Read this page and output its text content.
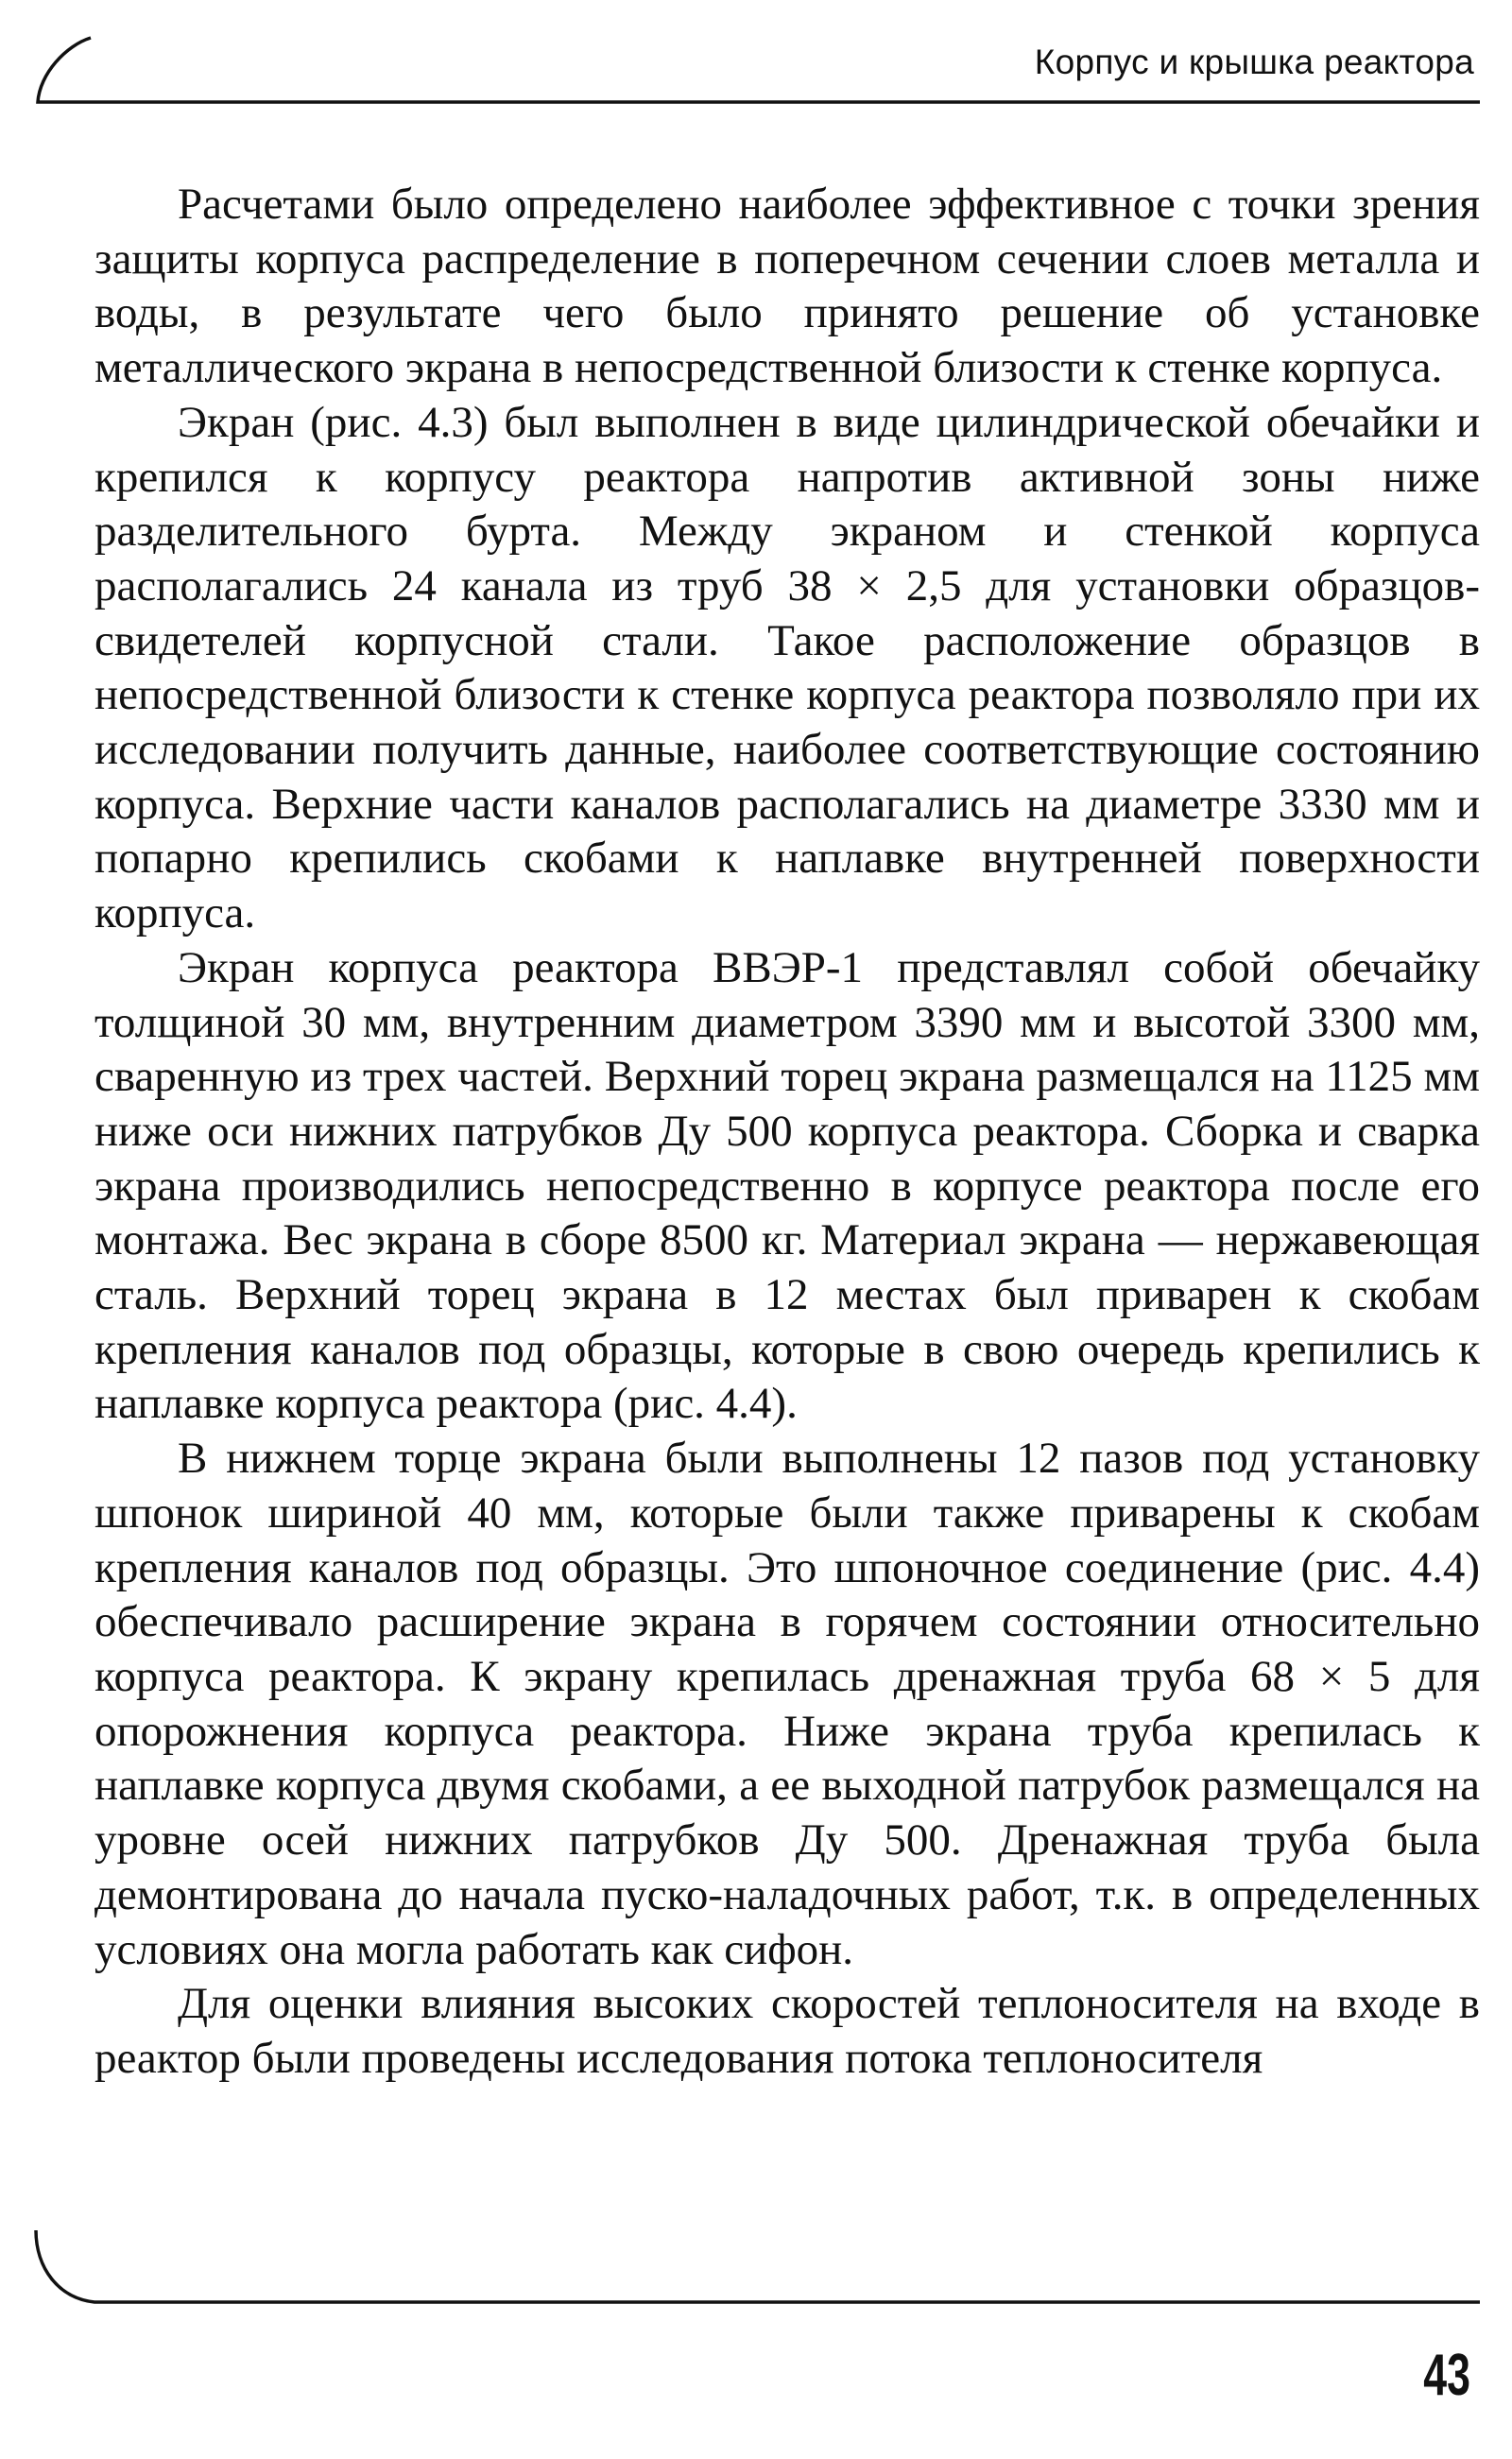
Корпус и крышка реактора

Расчетами было определено наиболее эффективное с точки зрения защиты корпуса распределение в поперечном сечении слоев металла и воды, в результате чего было принято решение об установке металлического экрана в непосредственной близости к стенке корпуса.

Экран (рис. 4.3) был выполнен в виде цилиндрической обечайки и крепился к корпусу реактора напротив активной зоны ниже разделительного бурта. Между экраном и стенкой корпуса располагались 24 канала из труб 38 × 2,5 для установки образцов-свидетелей корпусной стали. Такое расположение образцов в непосредственной близости к стенке корпуса реактора позволяло при их исследовании получить данные, наиболее соответствующие состоянию корпуса. Верхние части каналов располагались на диаметре 3330 мм и попарно крепились скобами к наплавке внутренней поверхности корпуса.

Экран корпуса реактора ВВЭР-1 представлял собой обечайку толщиной 30 мм, внутренним диаметром 3390 мм и высотой 3300 мм, сваренную из трех частей. Верхний торец экрана размещался на 1125 мм ниже оси нижних патрубков Ду 500 корпуса реактора. Сборка и сварка экрана производились непосредственно в корпусе реактора после его монтажа. Вес экрана в сборе 8500 кг. Материал экрана — нержавеющая сталь. Верхний торец экрана в 12 местах был приварен к скобам крепления каналов под образцы, которые в свою очередь крепились к наплавке корпуса реактора (рис. 4.4).

В нижнем торце экрана были выполнены 12 пазов под установку шпонок шириной 40 мм, которые были также приварены к скобам крепления каналов под образцы. Это шпоночное соединение (рис. 4.4) обеспечивало расширение экрана в горячем состоянии относительно корпуса реактора. К экрану крепилась дренажная труба 68 × 5 для опорожнения корпуса реактора. Ниже экрана труба крепилась к наплавке корпуса двумя скобами, а ее выходной патрубок размещался на уровне осей нижних патрубков Ду 500. Дренажная труба была демонтирована до начала пуско-наладочных работ, т.к. в определенных условиях она могла работать как сифон.

Для оценки влияния высоких скоростей теплоносителя на входе в реактор были проведены исследования потока теплоносителя

43
